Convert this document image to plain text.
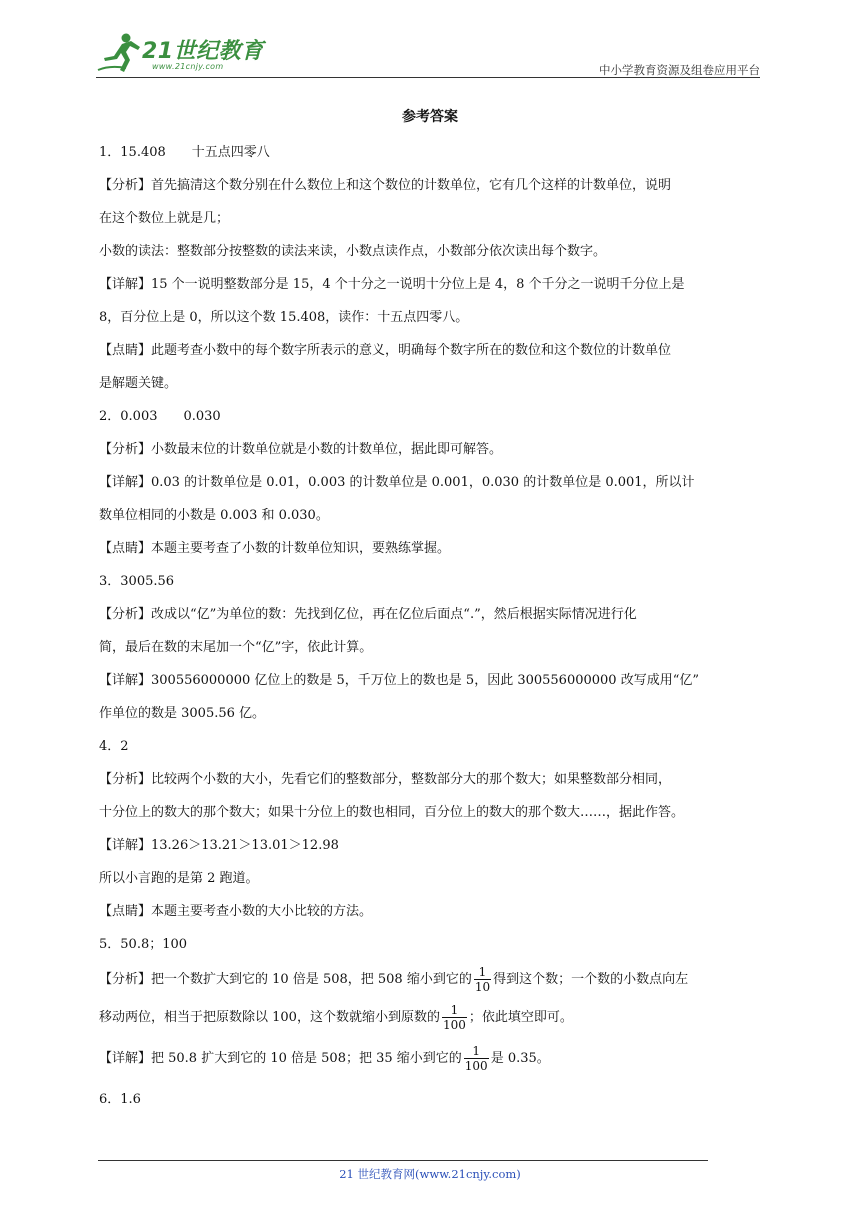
21世纪教育
www.21cnjy.com	中小学教育资源及组卷应用平台
参考答案

1．15.408　　十五点四零八

【分析】首先搞清这个数分别在什么数位上和这个数位的计数单位，它有几个这样的计数单位，说明

在这个数位上就是几；

小数的读法：整数部分按整数的读法来读，小数点读作点，小数部分依次读出每个数字。

【详解】15 个一说明整数部分是 15，4 个十分之一说明十分位上是 4，8 个千分之一说明千分位上是

8，百分位上是 0，所以这个数 15.408，读作：十五点四零八。

【点睛】此题考查小数中的每个数字所表示的意义，明确每个数字所在的数位和这个数位的计数单位

是解题关键。

2．0.003　　0.030

【分析】小数最末位的计数单位就是小数的计数单位，据此即可解答。

【详解】0.03 的计数单位是 0.01，0.003 的计数单位是 0.001，0.030 的计数单位是 0.001，所以计

数单位相同的小数是 0.003 和 0.030。

【点睛】本题主要考查了小数的计数单位知识，要熟练掌握。

3．3005.56

【分析】改成以“亿”为单位的数：先找到亿位，再在亿位后面点“.”，然后根据实际情况进行化

简，最后在数的末尾加一个“亿”字，依此计算。

【详解】300556000000 亿位上的数是 5，千万位上的数也是 5，因此 300556000000 改写成用“亿”

作单位的数是 3005.56 亿。

4．2

【分析】比较两个小数的大小，先看它们的整数部分，整数部分大的那个数大；如果整数部分相同，

十分位上的数大的那个数大；如果十分位上的数也相同，百分位上的数大的那个数大……，据此作答。

【详解】13.26＞13.21＞13.01＞12.98

所以小言跑的是第 2 跑道。

【点睛】本题主要考查小数的大小比较的方法。

5．50.8；100

【分析】把一个数扩大到它的 10 倍是 508，把 508 缩小到它的 $\frac{1}{10}$ 得到这个数；一个数的小数点向左

移动两位，相当于把原数除以 100，这个数就缩小到原数的 $\frac{1}{100}$ ；依此填空即可。

【详解】把 50.8 扩大到它的 10 倍是 508；把 35 缩小到它的 $\frac{1}{100}$ 是 0.35。

6．1.6

21 世纪教育网(www.21cnjy.com)
